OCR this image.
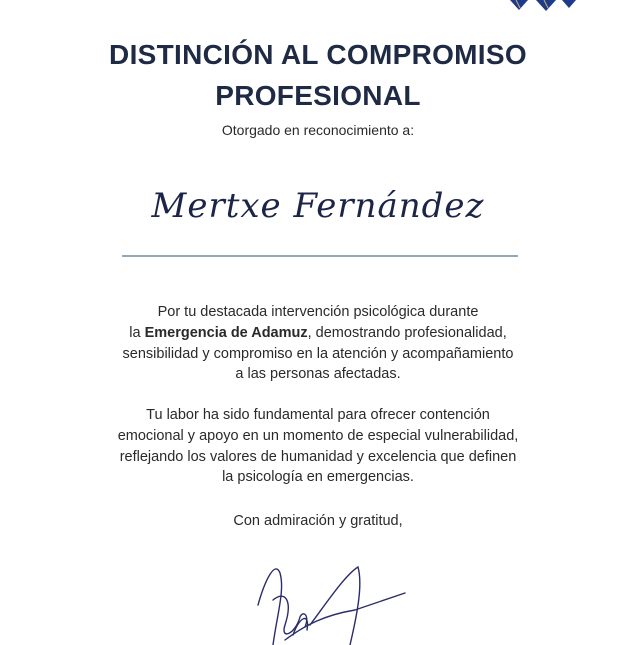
DISTINCIÓN AL COMPROMISO
PROFESIONAL
Otorgado en reconocimiento a:
Mertxe Fernández
Por tu destacada intervención psicológica durante
la Emergencia de Adamuz, demostrando profesionalidad,
sensibilidad y compromiso en la atención y acompañamiento
a las personas afectadas.
Tu labor ha sido fundamental para ofrecer contención
emocional y apoyo en un momento de especial vulnerabilidad,
reflejando los valores de humanidad y excelencia que definen
la psicología en emergencias.
Con admiración y gratitud,
